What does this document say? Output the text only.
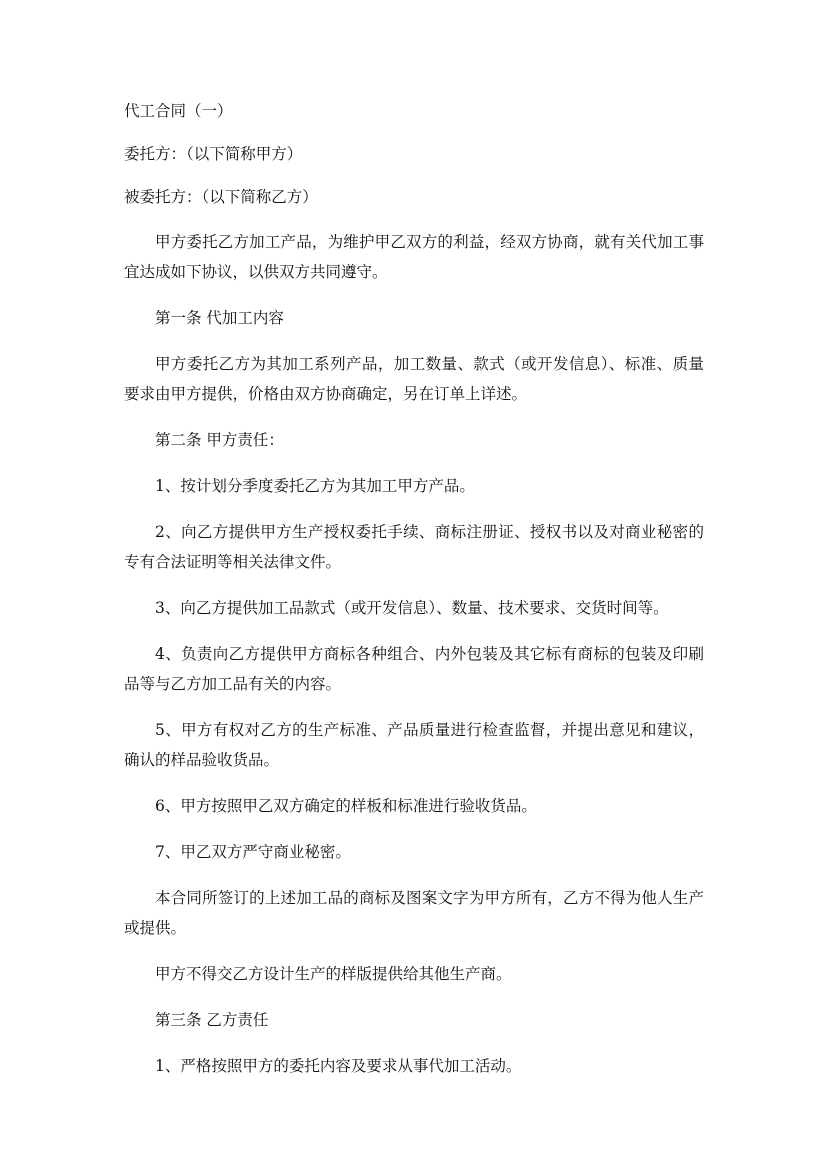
代工合同（一）

委托方：（以下简称甲方）

被委托方：（以下简称乙方）

甲方委托乙方加工产品，为维护甲乙双方的利益，经双方协商，就有关代加工事宜达成如下协议，以供双方共同遵守。

第一条 代加工内容

甲方委托乙方为其加工系列产品，加工数量、款式（或开发信息）、标准、质量要求由甲方提供，价格由双方协商确定，另在订单上详述。

第二条 甲方责任：

1、按计划分季度委托乙方为其加工甲方产品。

2、向乙方提供甲方生产授权委托手续、商标注册证、授权书以及对商业秘密的专有合法证明等相关法律文件。

3、向乙方提供加工品款式（或开发信息）、数量、技术要求、交货时间等。

4、负责向乙方提供甲方商标各种组合、内外包装及其它标有商标的包装及印刷品等与乙方加工品有关的内容。

5、甲方有权对乙方的生产标准、产品质量进行检查监督，并提出意见和建议，确认的样品验收货品。

6、甲方按照甲乙双方确定的样板和标准进行验收货品。

7、甲乙双方严守商业秘密。

本合同所签订的上述加工品的商标及图案文字为甲方所有，乙方不得为他人生产或提供。

甲方不得交乙方设计生产的样版提供给其他生产商。

第三条 乙方责任

1、严格按照甲方的委托内容及要求从事代加工活动。
